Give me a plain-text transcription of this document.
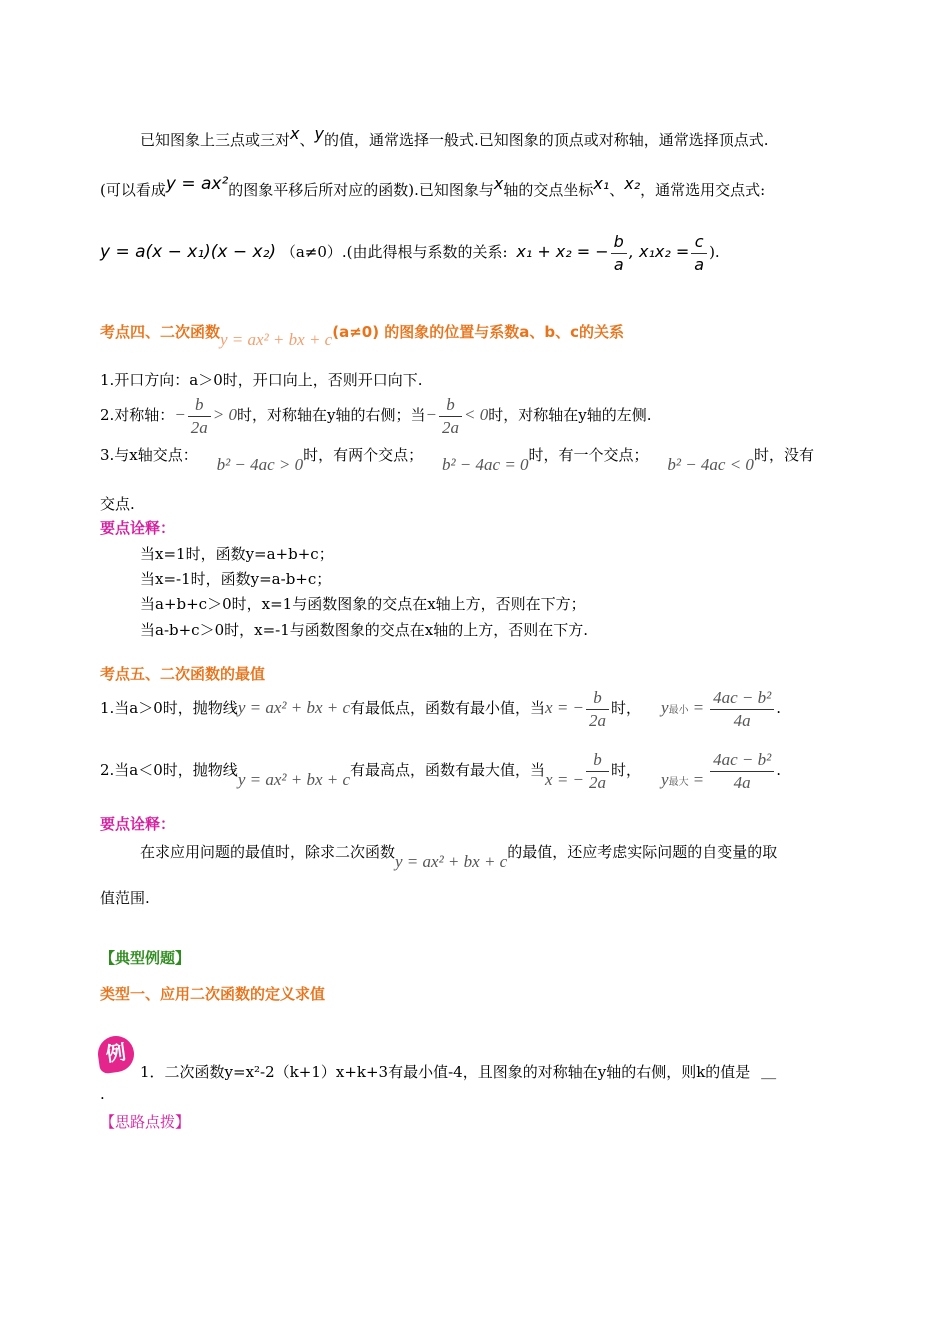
已知图象上三点或三对x、y的值，通常选择一般式.已知图象的顶点或对称轴，通常选择顶点式.
(可以看成y = ax²的图象平移后所对应的函数).已知图象与x轴的交点坐标x₁、x₂，通常选用交点式:
y = a(x − x₁)(x − x₂) （a≠0）.(由此得根与系数的关系: x₁ + x₂ = − $\frac{b}{a}$ , $x_1x_2 = \frac{c}{a}$ ).
考点四、二次函数y = ax² + bx + c(a≠0) 的图象的位置与系数a、b、c的关系
1.开口方向：a＞0时，开口向上，否则开口向下.
2.对称轴：− $\frac{b}{2a} > 0$时，对称轴在y轴的右侧；当− $\frac{b}{2a} < 0$时，对称轴在y轴的左侧.
3.与x轴交点： b² − 4ac > 0时，有两个交点； b² − 4ac = 0时，有一个交点； b² − 4ac < 0时，没有
交点.
要点诠释：
当x=1时，函数y=a+b+c；
当x=-1时，函数y=a-b+c；
当a+b+c＞0时，x=1与函数图象的交点在x轴上方，否则在下方；
当a-b+c＞0时，x=-1与函数图象的交点在x轴的上方，否则在下方.
考点五、二次函数的最值
1.当a＞0时，抛物线y = ax² + bx + c有最低点，函数有最小值，当x = − $\frac{b}{2a}$ 时， y最小 = $\frac{\text{4ac − b²}}{4a}$ .
2.当a＜0时，抛物线y = ax² + bx + c有最高点，函数有最大值，当x = − $\frac{b}{2a}$ 时， $y_{最大} = \frac{\text{4ac − b²}}{4a}$ .
要点诠释：
在求应用问题的最值时，除求二次函数y = ax² + bx + c的最值，还应考虑实际问题的自变量的取
值范围.
【典型例题】
类型一、应用二次函数的定义求值
例
1．二次函数y=x²-2（k+1）x+k+3有最小值-4，且图象的对称轴在y轴的右侧，则k的值是 ＿
.
【思路点拨】
